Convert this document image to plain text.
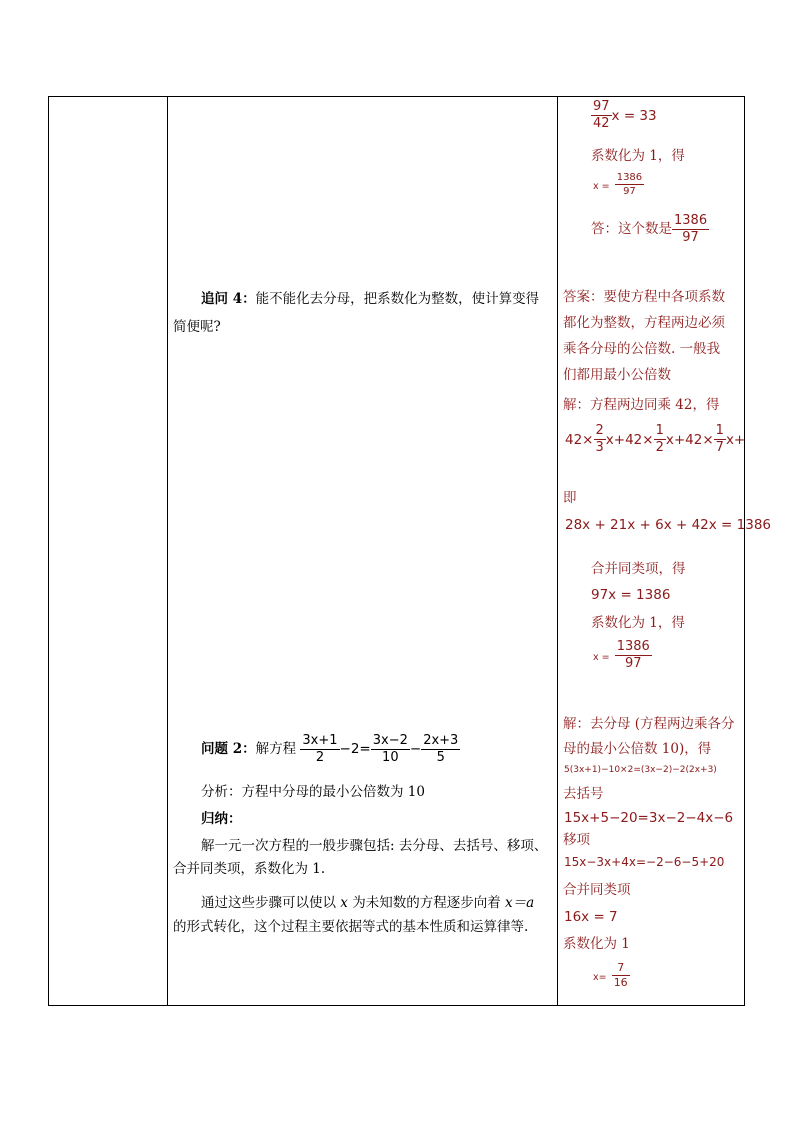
追问 4：能不能化去分母，把系数化为整数，使计算变得
简便呢?
问题 2：解方程 $\frac{3x+1}{2} -2= \frac{3x-2}{10} - \frac{2x+3}{5}$
分析：方程中分母的最小公倍数为 10
归纳：
解一元一次方程的一般步骤包括: 去分母、去括号、移项、
合并同类项，系数化为 1.
通过这些步骤可以使以 x 为未知数的方程逐步向着 x＝a
的形式转化，这个过程主要依据等式的基本性质和运算律等.
$\frac{97}{42}$ x = 33
系数化为 1，得
$x = \frac{1386}{97}$
答：这个数是 $\frac{1386}{97}$
答案：要使方程中各项系数
都化为整数，方程两边必须
乘各分母的公倍数. 一般我
们都用最小公倍数
解：方程两边同乘 42，得
$42\times \frac{2}{3} x+42\times \frac{1}{2} x+42\times \frac{1}{7} x+$
即
28x + 21x + 6x + 42x = 1386
合并同类项，得
97x = 1386
系数化为 1，得
$x = \frac{1386}{97}$
解：去分母 (方程两边乘各分
母的最小公倍数 10)，得
5(3x+1)−10×2=(3x−2)−2(2x+3)
去括号
15x+5−20=3x−2−4x−6
移项
15x−3x+4x=−2−6−5+20
合并同类项
16x = 7
系数化为 1
$x= \frac{7}{16}$
